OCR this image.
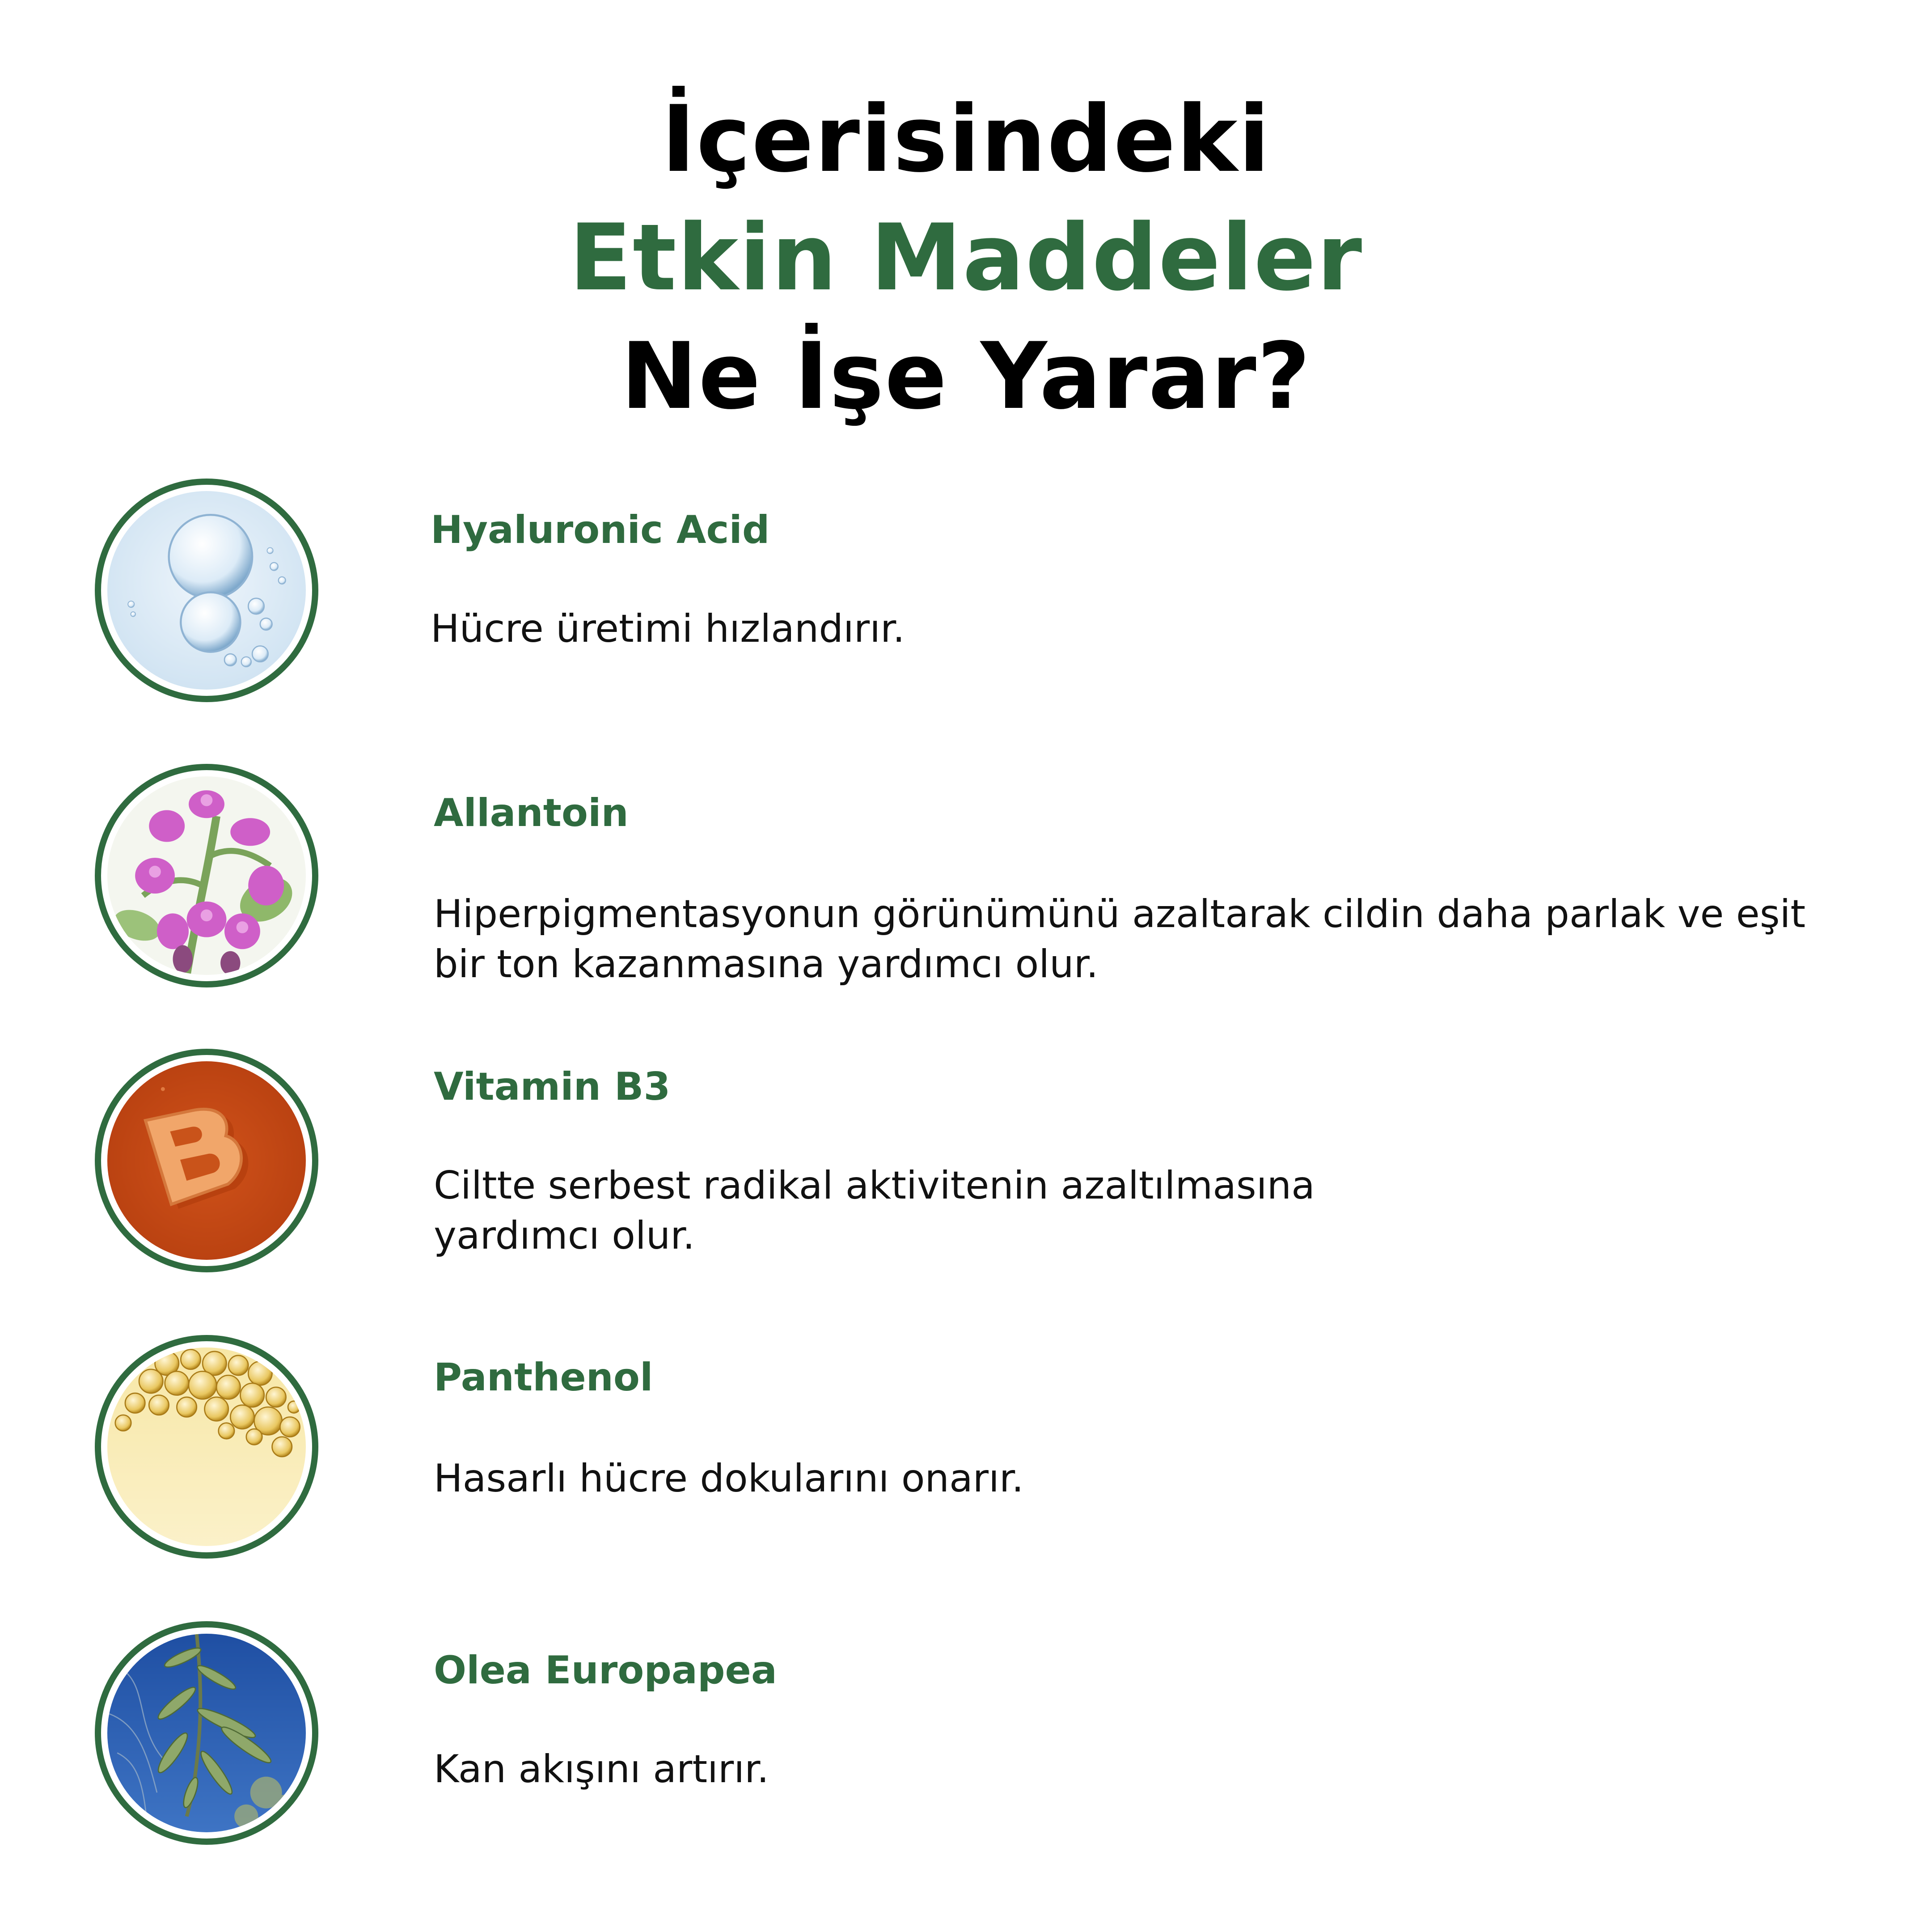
İçerisindeki
Etkin Maddeler
Ne İşe Yarar?
Hyaluronic Acid
Hücre üretimi hızlandırır.
Allantoin
Hiperpigmentasyonun görünümünü azaltarak cildin daha parlak ve eşit
bir ton kazanmasına yardımcı olur.
Vitamin B3
Ciltte serbest radikal aktivitenin azaltılmasına
yardımcı olur.
Panthenol
Hasarlı hücre dokularını onarır.
Olea Europapea
Kan akışını artırır.
